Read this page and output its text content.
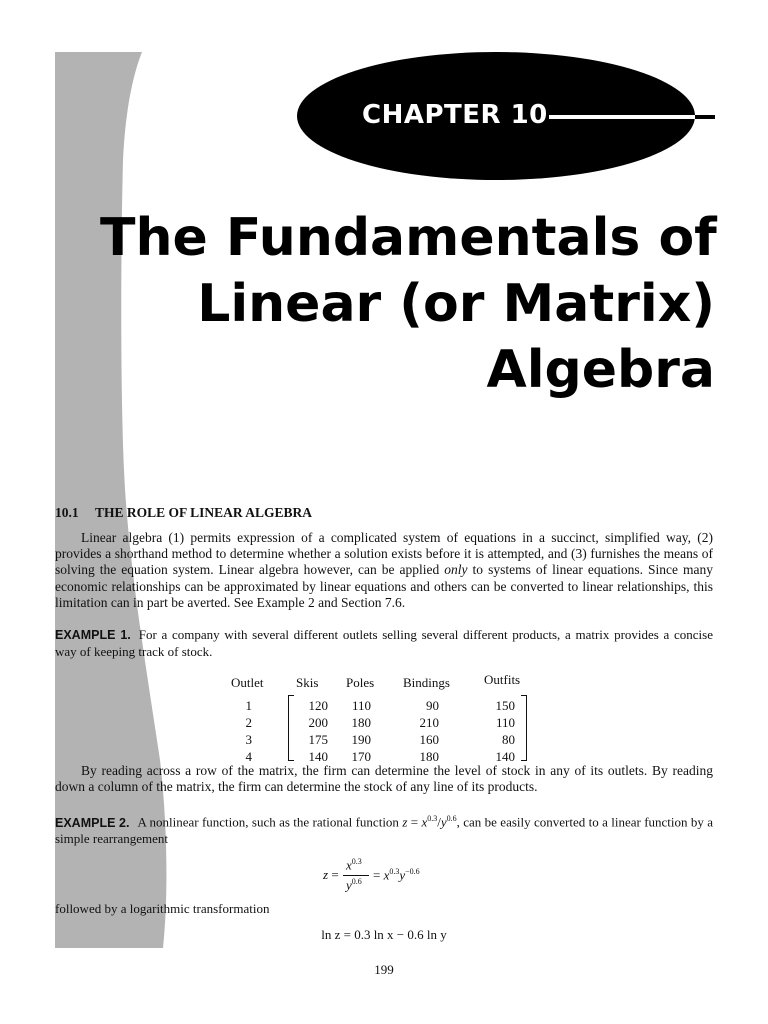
CHAPTER 10
The Fundamentals of
Linear (or Matrix)
Algebra
10.1 THE ROLE OF LINEAR ALGEBRA

Linear algebra (1) permits expression of a complicated system of equations in a succinct, simplified way, (2) provides a shorthand method to determine whether a solution exists before it is attempted, and (3) furnishes the means of solving the equation system. Linear algebra however, can be applied only to systems of linear equations. Since many economic relationships can be approximated by linear equations and others can be converted to linear relationships, this limitation can in part be averted. See Example 2 and Section 7.6.

EXAMPLE 1. For a company with several different outlets selling several different products, a matrix provides a concise way of keeping track of stock.

Outlet	Skis Poles Bindings	Outfits
1	120 110	90	150
2	200 180	210	110
3	175 190	160	80
4	140 170	180	140

By reading across a row of the matrix, the firm can determine the level of stock in any of its outlets. By reading down a column of the matrix, the firm can determine the stock of any line of its products.

EXAMPLE 2. A nonlinear function, such as the rational function $z = x^{0.3}/y^{0.6}$, can be easily converted to a linear function by a simple rearrangement

z =
$x^{0.3}$
$y^{0.6} = x^{0.3}y^{-0.6}$

followed by a logarithmic transformation

ln z = 0.3 ln x − 0.6 ln y

199
